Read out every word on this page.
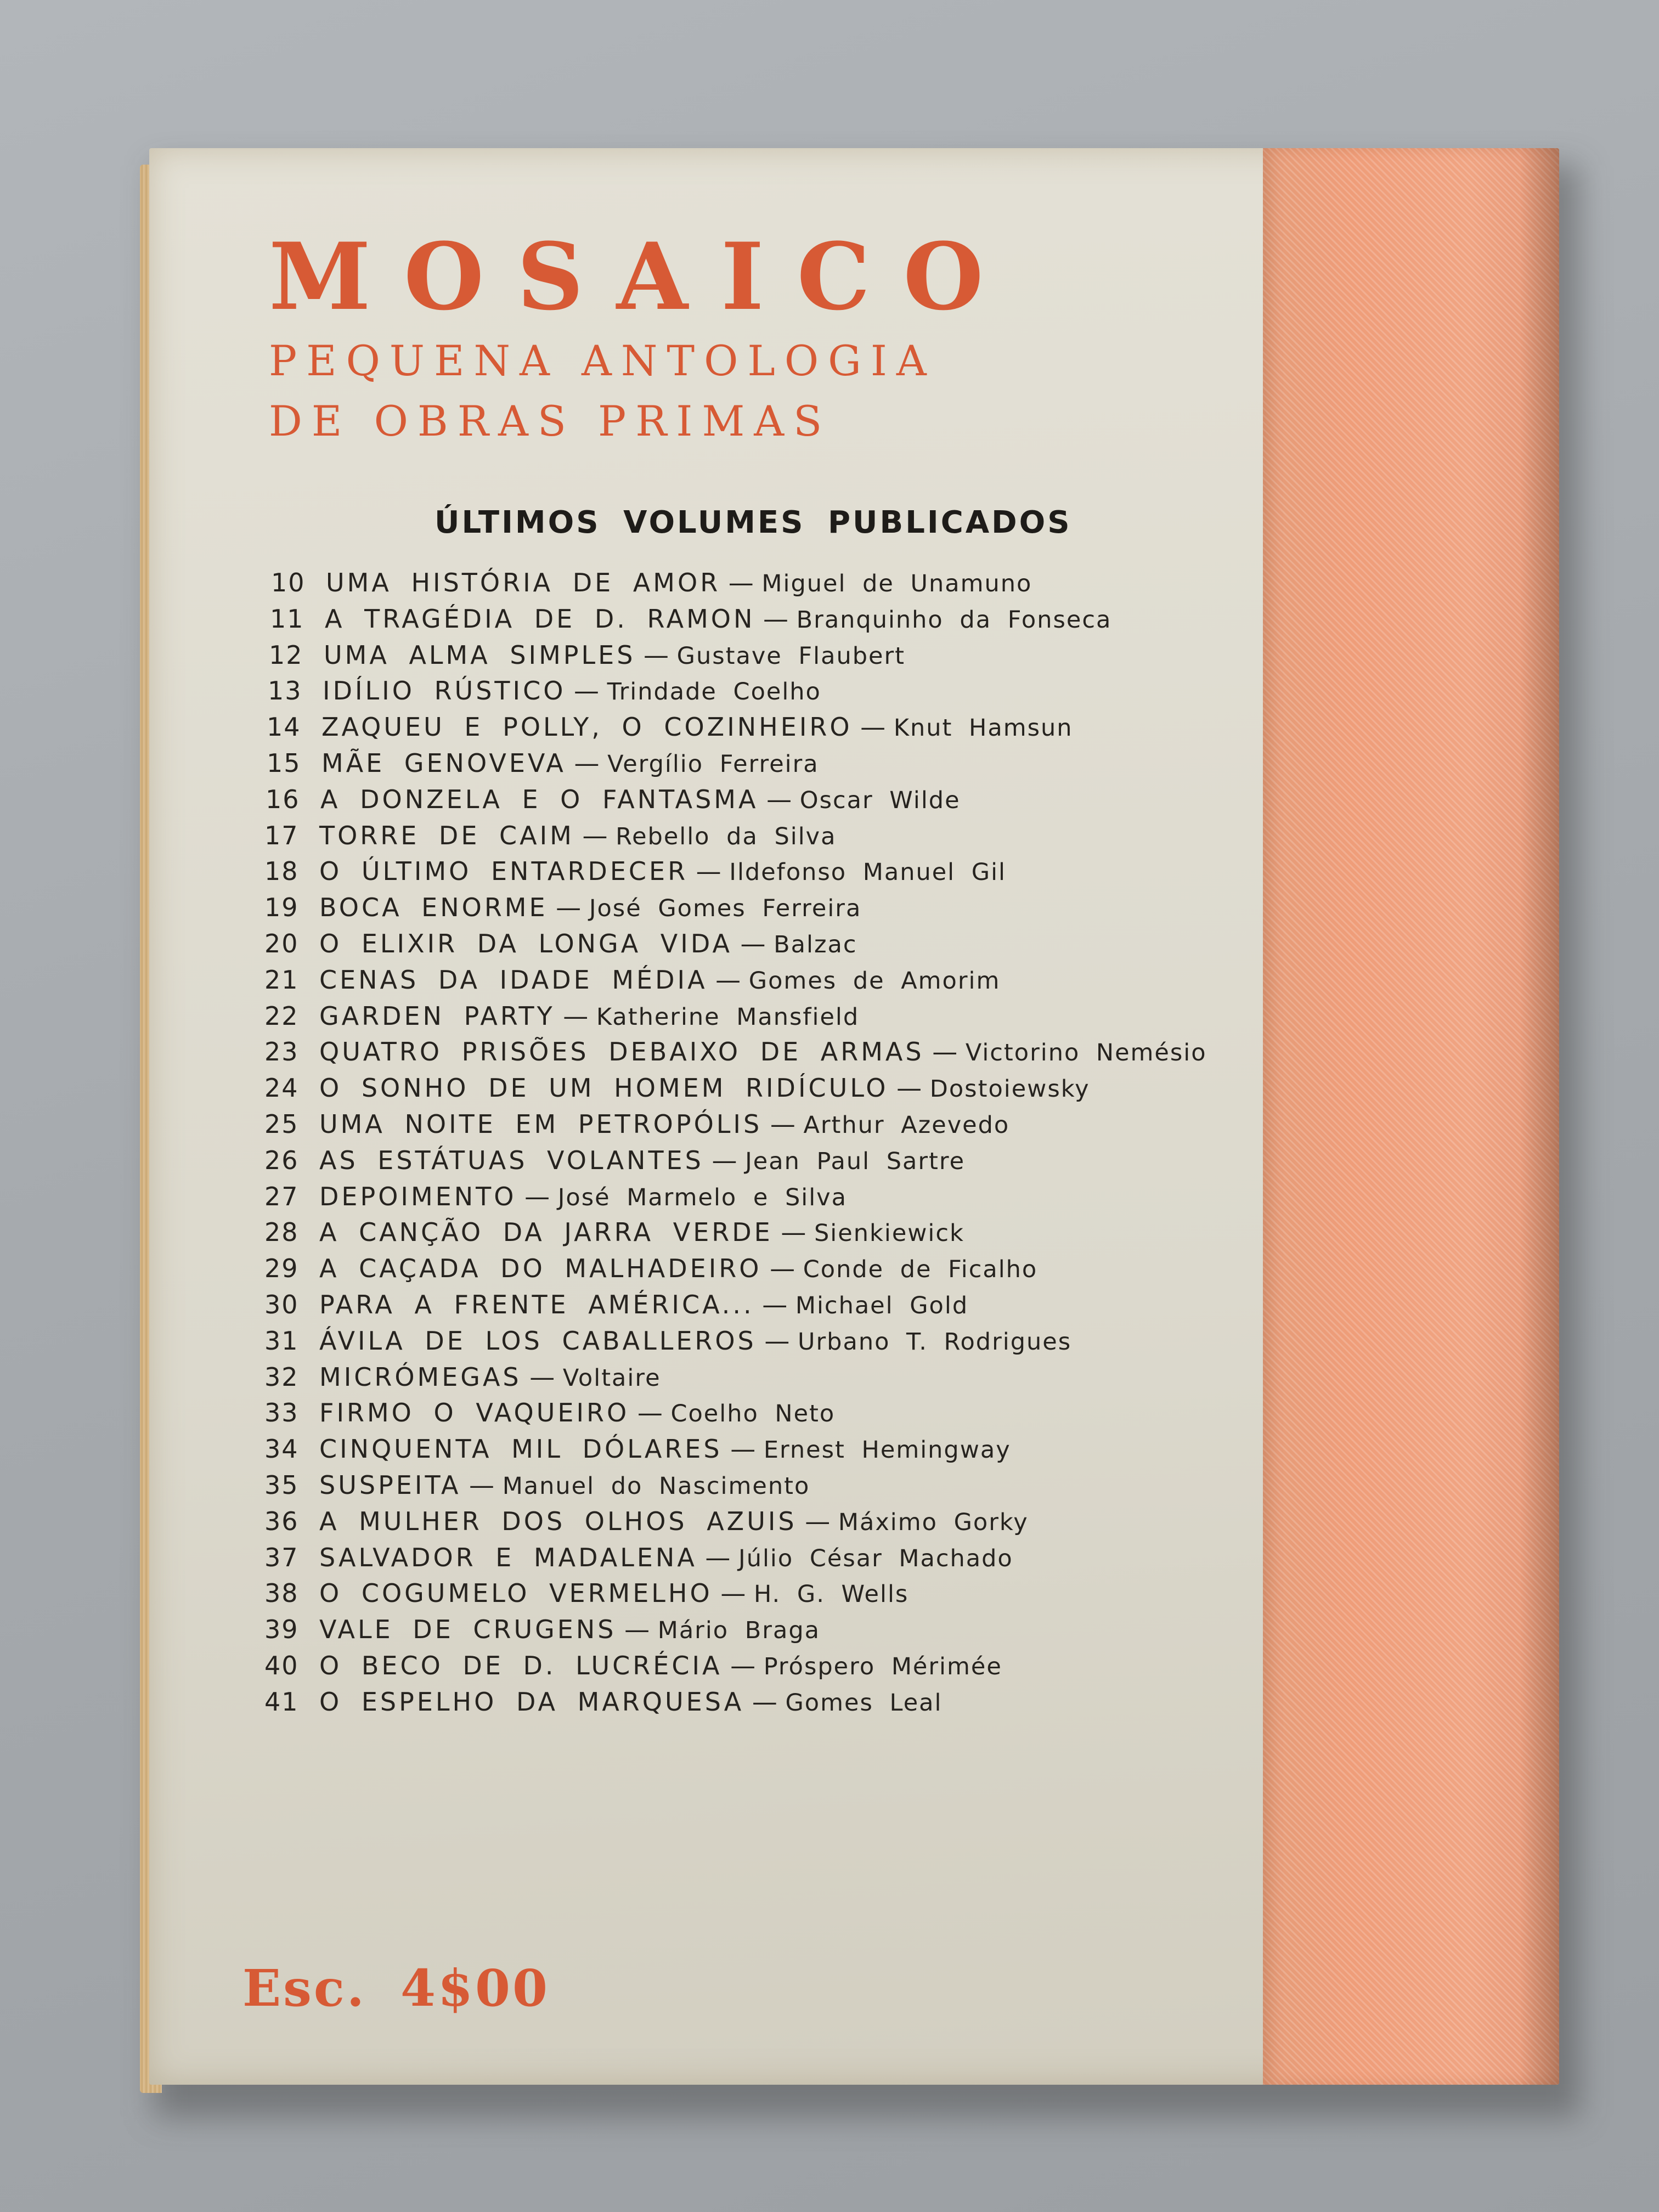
MOSAICO
PEQUENA ANTOLOGIA
DE OBRAS PRIMAS
ÚLTIMOS VOLUMES PUBLICADOS
10 UMA HISTÓRIA DE AMOR — Miguel de Unamuno
11 A TRAGÉDIA DE D. RAMON — Branquinho da Fonseca
12 UMA ALMA SIMPLES — Gustave Flaubert
13 IDÍLIO RÚSTICO — Trindade Coelho
14 ZAQUEU E POLLY, O COZINHEIRO — Knut Hamsun
15 MÃE GENOVEVA — Vergílio Ferreira
16 A DONZELA E O FANTASMA — Oscar Wilde
17 TORRE DE CAIM — Rebello da Silva
18 O ÚLTIMO ENTARDECER — Ildefonso Manuel Gil
19 BOCA ENORME — José Gomes Ferreira
20 O ELIXIR DA LONGA VIDA — Balzac
21 CENAS DA IDADE MÉDIA — Gomes de Amorim
22 GARDEN PARTY — Katherine Mansfield
23 QUATRO PRISÕES DEBAIXO DE ARMAS — Victorino Nemésio
24 O SONHO DE UM HOMEM RIDÍCULO — Dostoiewsky
25 UMA NOITE EM PETROPÓLIS — Arthur Azevedo
26 AS ESTÁTUAS VOLANTES — Jean Paul Sartre
27 DEPOIMENTO — José Marmelo e Silva
28 A CANÇÃO DA JARRA VERDE — Sienkiewick
29 A CAÇADA DO MALHADEIRO — Conde de Ficalho
30 PARA A FRENTE AMÉRICA... — Michael Gold
31 ÁVILA DE LOS CABALLEROS — Urbano T. Rodrigues
32 MICRÓMEGAS — Voltaire
33 FIRMO O VAQUEIRO — Coelho Neto
34 CINQUENTA MIL DÓLARES — Ernest Hemingway
35 SUSPEITA — Manuel do Nascimento
36 A MULHER DOS OLHOS AZUIS — Máximo Gorky
37 SALVADOR E MADALENA — Júlio César Machado
38 O COGUMELO VERMELHO — H. G. Wells
39 VALE DE CRUGENS — Mário Braga
40 O BECO DE D. LUCRÉCIA — Próspero Mérimée
41 O ESPELHO DA MARQUESA — Gomes Leal
Esc. 4$00
